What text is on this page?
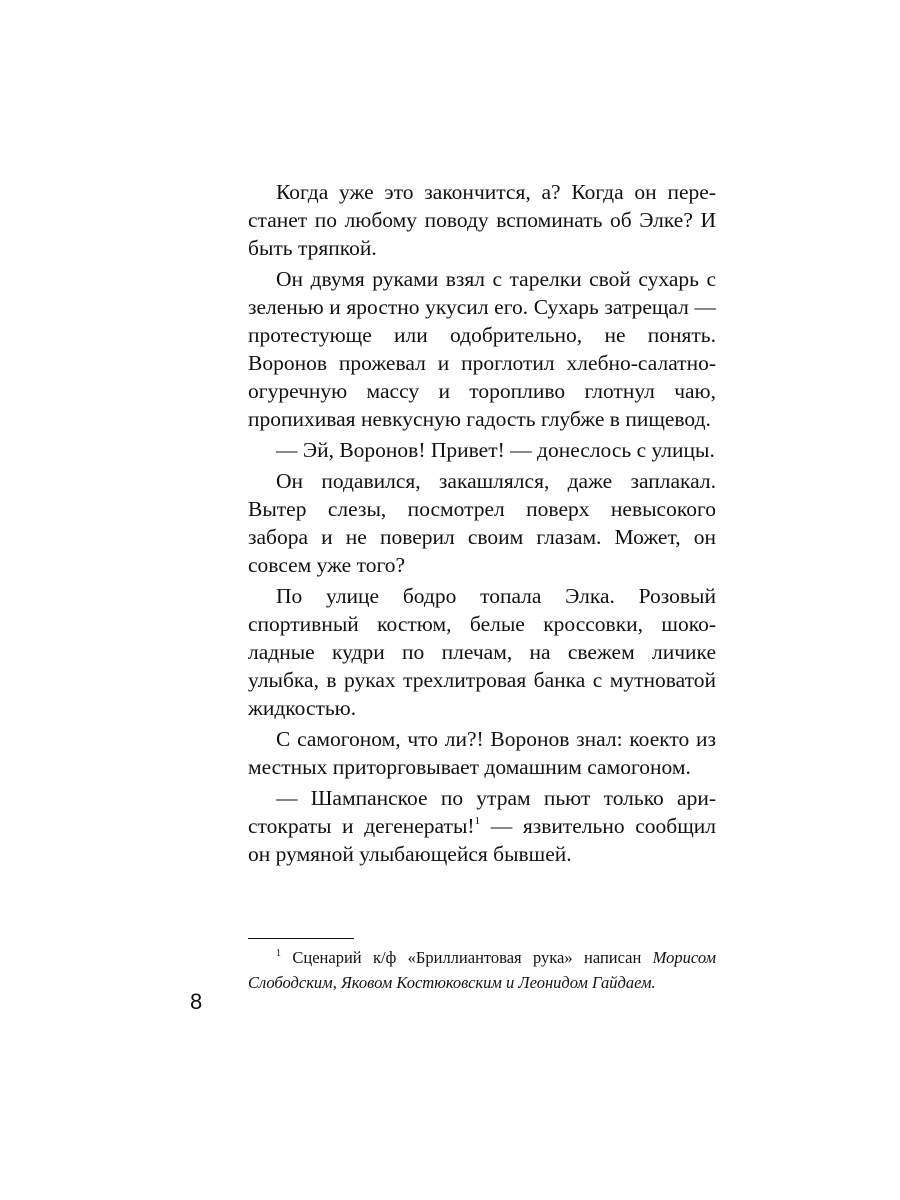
Когда уже это закончится, а? Когда он перестанет по любому поводу вспоминать об Элке? И быть тряпкой.

Он двумя руками взял с тарелки свой сухарь с зеленью и яростно укусил его. Сухарь затрещал — протестующе или одобрительно, не понять. Воронов прожевал и проглотил хлебно-салатно-огуречную массу и торопливо глотнул чаю, пропихивая невкусную гадость глубже в пищевод.

— Эй, Воронов! Привет! — донеслось с улицы.

Он подавился, закашлялся, даже заплакал. Вытер слезы, посмотрел поверх невысокого забора и не поверил своим глазам. Может, он совсем уже того?

По улице бодро топала Элка. Розовый спортивный костюм, белые кроссовки, шоколадные кудри по плечам, на свежем личике улыбка, в руках трехлитровая банка с мутноватой жидкостью.

С самогоном, что ли?! Воронов знал: коекто из местных приторговывает домашним самогоном.

— Шампанское по утрам пьют только аристократы и дегенераты!$^1$ — язвительно сообщил он румяной улыбающейся бывшей.

$^1$ Сценарий к/ф «Бриллиантовая рука» написан Морисом Слободским, Яковом Костюковским и Леонидом Гайдаем.

8
